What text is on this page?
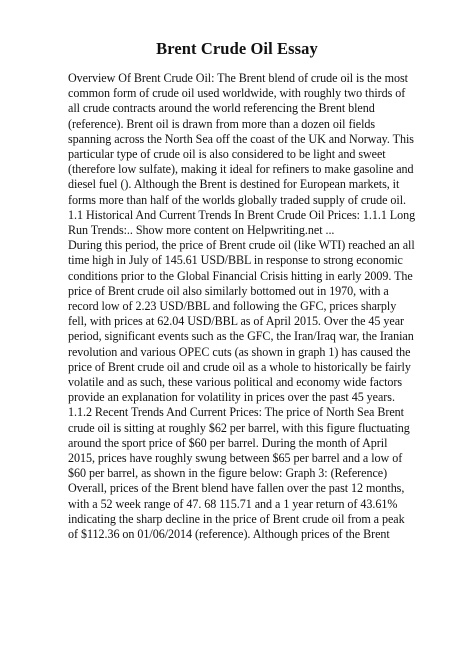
Brent Crude Oil Essay

Overview Of Brent Crude Oil: The Brent blend of crude oil is the most common form of crude oil used worldwide, with roughly two thirds of all crude contracts around the world referencing the Brent blend (reference). Brent oil is drawn from more than a dozen oil fields spanning across the North Sea off the coast of the UK and Norway. This particular type of crude oil is also considered to be light and sweet (therefore low sulfate), making it ideal for refiners to make gasoline and diesel fuel (). Although the Brent is destined for European markets, it forms more than half of the worlds globally traded supply of crude oil. 1.1 Historical And Current Trends In Brent Crude Oil Prices: 1.1.1 Long Run Trends:.. Show more content on Helpwriting.net ...

During this period, the price of Brent crude oil (like WTI) reached an all time high in July of 145.61 USD/BBL in response to strong economic conditions prior to the Global Financial Crisis hitting in early 2009. The price of Brent crude oil also similarly bottomed out in 1970, with a record low of 2.23 USD/BBL and following the GFC, prices sharply fell, with prices at 62.04 USD/BBL as of April 2015. Over the 45 year period, significant events such as the GFC, the Iran/Iraq war, the Iranian revolution and various OPEC cuts (as shown in graph 1) has caused the price of Brent crude oil and crude oil as a whole to historically be fairly volatile and as such, these various political and economy wide factors provide an explanation for volatility in prices over the past 45 years. 1.1.2 Recent Trends And Current Prices: The price of North Sea Brent crude oil is sitting at roughly $62 per barrel, with this figure fluctuating around the sport price of $60 per barrel. During the month of April 2015, prices have roughly swung between $65 per barrel and a low of $60 per barrel, as shown in the figure below: Graph 3: (Reference) Overall, prices of the Brent blend have fallen over the past 12 months, with a 52 week range of 47. 68 115.71 and a 1 year return of 43.61% indicating the sharp decline in the price of Brent crude oil from a peak of $112.36 on 01/06/2014 (reference). Although prices of the Brent
